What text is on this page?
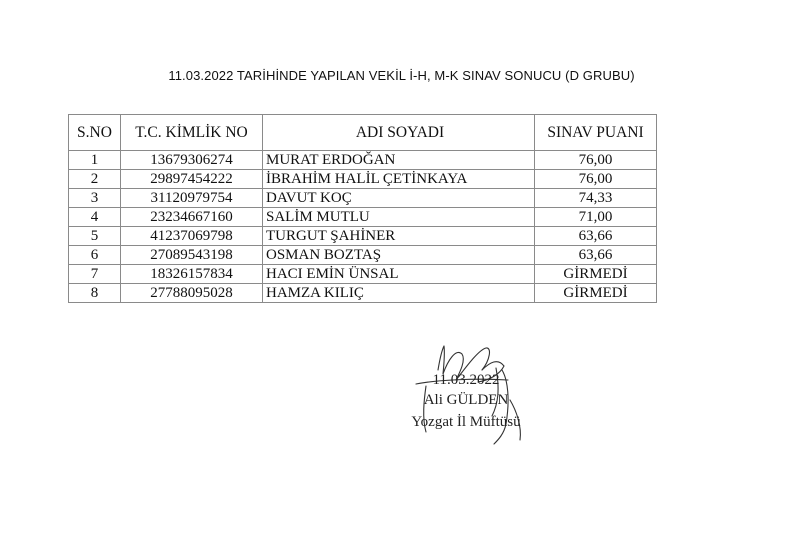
11.03.2022 TARİHİNDE YAPILAN VEKİL İ-H, M-K SINAV SONUCU (D GRUBU)
S.NO	T.C. KİMLİK NO	ADI SOYADI	SINAV PUANI
1	13679306274	MURAT ERDOĞAN	76,00
2	29897454222	İBRAHİM HALİL ÇETİNKAYA	76,00
3	31120979754	DAVUT KOÇ	74,33
4	23234667160	SALİM MUTLU	71,00
5	41237069798	TURGUT ŞAHİNER	63,66
6	27089543198	OSMAN BOZTAŞ	63,66
7	18326157834	HACI EMİN ÜNSAL	GİRMEDİ
8	27788095028	HAMZA KILIÇ	GİRMEDİ
11.03.2022
Ali GÜLDEN
Yozgat İl Müftüsü
